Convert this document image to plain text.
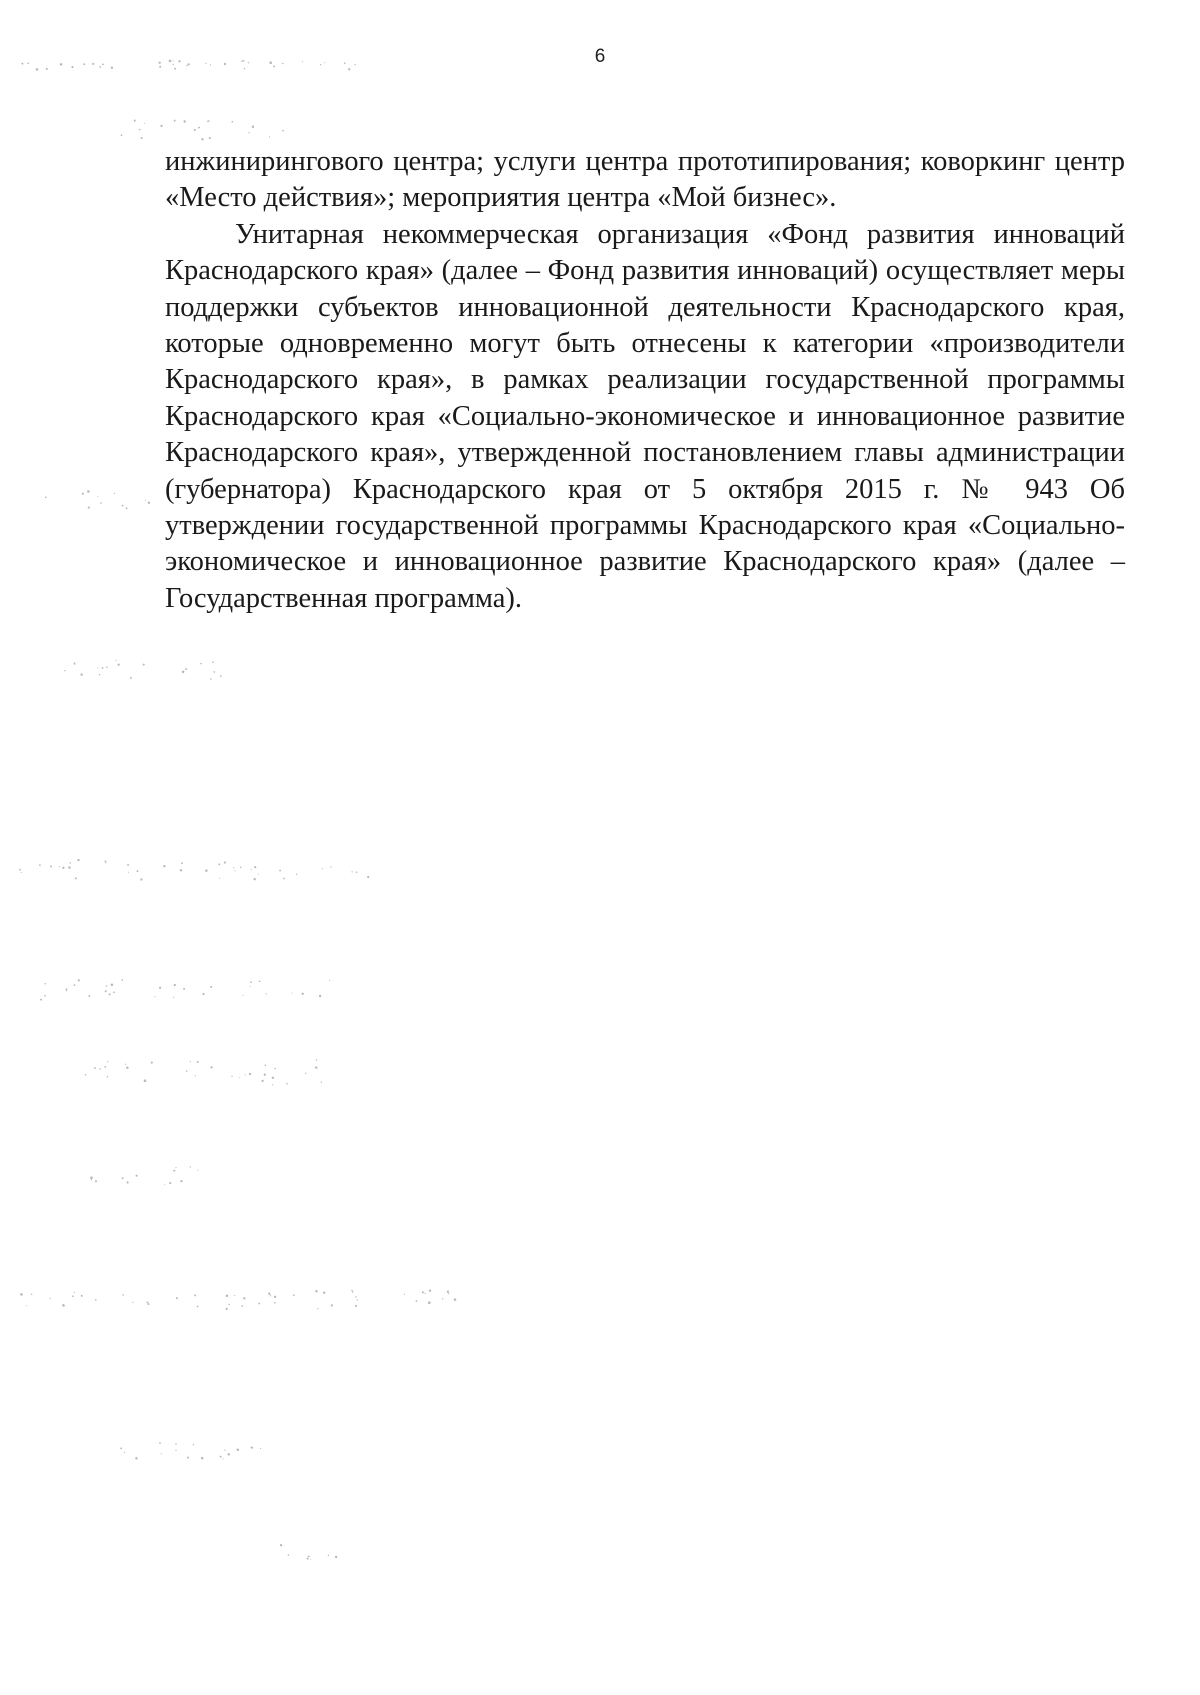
6

инжинирингового центра; услуги центра прототипирования; коворкинг центр «Место действия»; мероприятия центра «Мой бизнес».

Унитарная некоммерческая организация «Фонд развития инноваций Краснодарского края» (далее – Фонд развития инноваций) осуществляет меры поддержки субъектов инновационной деятельности Краснодарского края, которые одновременно могут быть отнесены к категории «производители Краснодарского края», в рамках реализации государственной программы Краснодарского края «Социально-экономическое и инновационное развитие Краснодарского края», утвержденной постановлением главы администрации (губернатора) Краснодарского края от 5 октября 2015 г. № 943 Об утверждении государственной программы Краснодарского края «Социально-экономическое и инновационное развитие Краснодарского края» (далее – Государственная программа).
